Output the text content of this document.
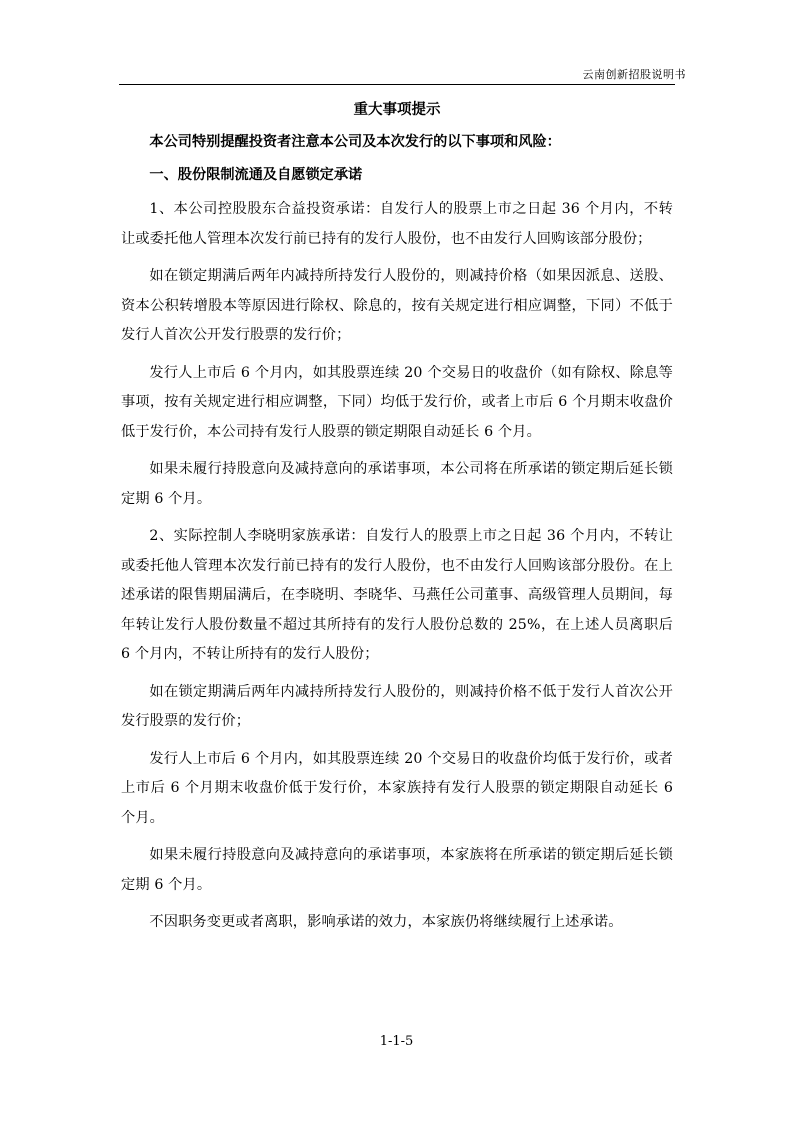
云南创新招股说明书
重大事项提示

本公司特别提醒投资者注意本公司及本次发行的以下事项和风险：

一、股份限制流通及自愿锁定承诺

1、本公司控股股东合益投资承诺：自发行人的股票上市之日起 36 个月内，不转让或委托他人管理本次发行前已持有的发行人股份，也不由发行人回购该部分股份；

如在锁定期满后两年内减持所持发行人股份的，则减持价格（如果因派息、送股、资本公积转增股本等原因进行除权、除息的，按有关规定进行相应调整，下同）不低于发行人首次公开发行股票的发行价；

发行人上市后 6 个月内，如其股票连续 20 个交易日的收盘价（如有除权、除息等事项，按有关规定进行相应调整，下同）均低于发行价，或者上市后 6 个月期末收盘价低于发行价，本公司持有发行人股票的锁定期限自动延长 6 个月。

如果未履行持股意向及减持意向的承诺事项，本公司将在所承诺的锁定期后延长锁定期 6 个月。

2、实际控制人李晓明家族承诺：自发行人的股票上市之日起 36 个月内，不转让或委托他人管理本次发行前已持有的发行人股份，也不由发行人回购该部分股份。在上述承诺的限售期届满后，在李晓明、李晓华、马燕任公司董事、高级管理人员期间，每年转让发行人股份数量不超过其所持有的发行人股份总数的 25%，在上述人员离职后 6 个月内，不转让所持有的发行人股份；

如在锁定期满后两年内减持所持发行人股份的，则减持价格不低于发行人首次公开发行股票的发行价；

发行人上市后 6 个月内，如其股票连续 20 个交易日的收盘价均低于发行价，或者上市后 6 个月期末收盘价低于发行价，本家族持有发行人股票的锁定期限自动延长 6 个月。

如果未履行持股意向及减持意向的承诺事项，本家族将在所承诺的锁定期后延长锁定期 6 个月。

不因职务变更或者离职，影响承诺的效力，本家族仍将继续履行上述承诺。

1-1-5
